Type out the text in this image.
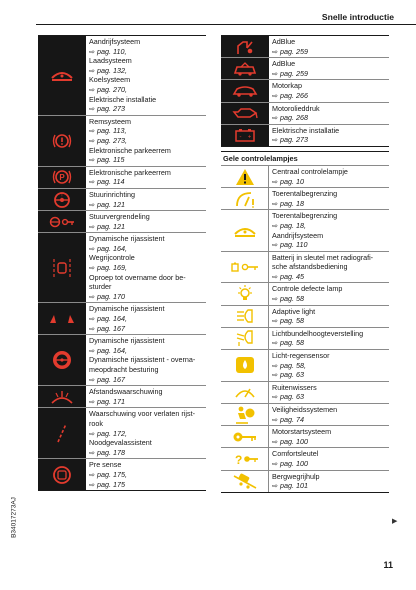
Snelle introductie
B34017273AJ
Aandrijfsysteem
⇨ pag. 110,
Laadsysteem
⇨ pag. 132,
Koelsysteem
⇨ pag. 270,
Elektrische installatie
⇨ pag. 273
Remsysteem
⇨ pag. 113,
⇨ pag. 273,
Elektronische parkeerrem
⇨ pag. 115
P
Elektronische parkeerrem
⇨ pag. 114
!	Stuurinrichting
⇨ pag. 121
Stuurvergrendeling
⇨ pag. 121
Dynamische rijassistent
⇨ pag. 164,
Wegrijcontrole
⇨ pag. 169,
Oproep tot overname door be-
sturder
⇨ pag. 170
Dynamische rijassistent
⇨ pag. 164,
⇨ pag. 167
Dynamische rijassistent
⇨ pag. 164,
Dynamische rijassistent - overna-
meopdracht besturing
⇨ pag. 167
Afstandswaarschuwing
⇨ pag. 171
Waarschuwing voor verlaten rijst-
rook
⇨ pag. 172,
Noodgevalassistent
⇨ pag. 178
Pre sense
⇨ pag. 175,
⇨ pag. 175
AdBlue
⇨ pag. 259
AdBlue
⇨ pag. 259
Motorkap
⇨ pag. 266
Motorolieddruk
⇨ pag. 268
- +
Elektrische installatie
⇨ pag. 273
Gele controlelampjes
Centraal controlelampje
⇨ pag. 10
Toerentalbegrenzing
⇨ pag. 18
Toerentalbegrenzing
⇨ pag. 18,
Aandrijfsysteem
⇨ pag. 110
Batterij in sleutel met radiografi-
sche afstandsbediening
⇨ pag. 45
Controle defecte lamp
⇨ pag. 58
Adaptive light
⇨ pag. 58
Lichtbundelhoogteverstelling
⇨ pag. 58
Licht-regensensor
⇨ pag. 58,
⇨ pag. 63
Ruitenwissers
⇨ pag. 63
Veiligheidssystemen
⇨ pag. 74
Motorstartsysteem
⇨ pag. 100
?	Comfortsleutel
⇨ pag. 100
Bergwegrijhulp
⇨ pag. 101
▶
11
